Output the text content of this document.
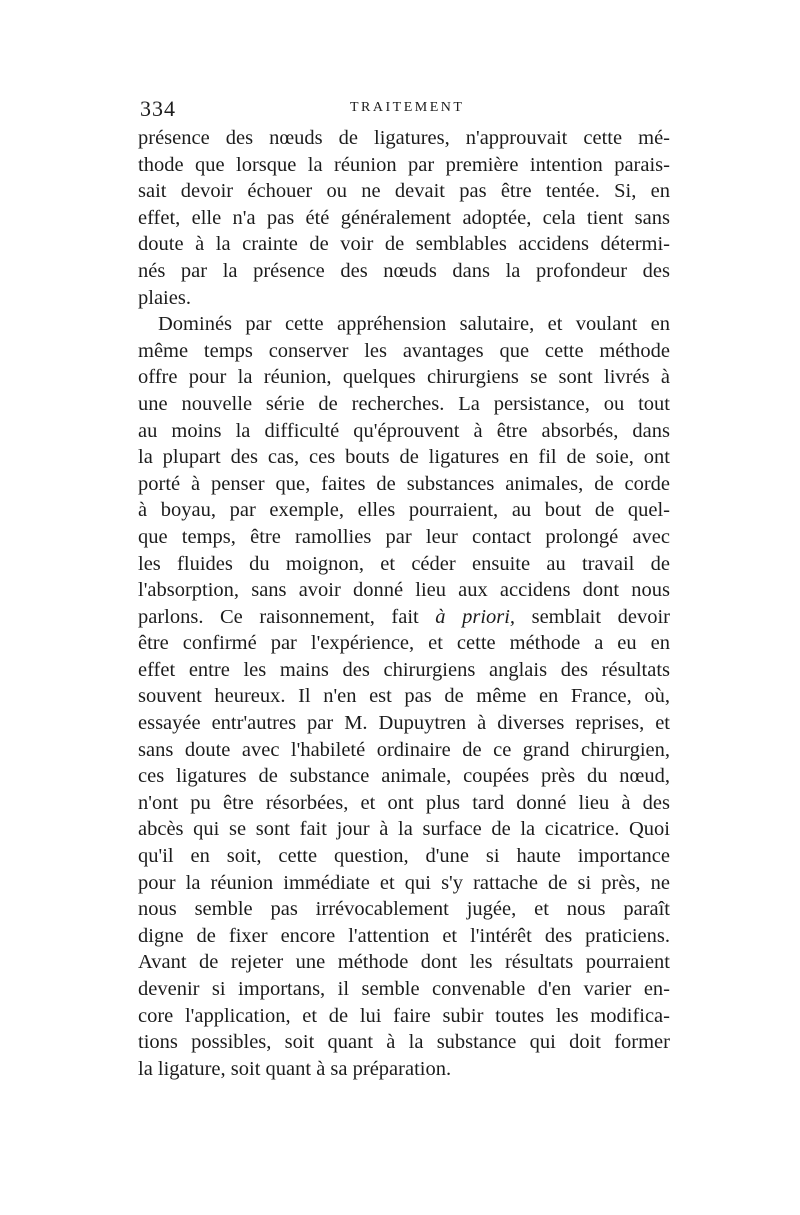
334	TRAITEMENT
présence des nœuds de ligatures, n'approuvait cette mé-
thode que lorsque la réunion par première intention parais-
sait devoir échouer ou ne devait pas être tentée. Si, en
effet, elle n'a pas été généralement adoptée, cela tient sans
doute à la crainte de voir de semblables accidens détermi-
nés par la présence des nœuds dans la profondeur des
plaies.
Dominés par cette appréhension salutaire, et voulant en
même temps conserver les avantages que cette méthode
offre pour la réunion, quelques chirurgiens se sont livrés à
une nouvelle série de recherches. La persistance, ou tout
au moins la difficulté qu'éprouvent à être absorbés, dans
la plupart des cas, ces bouts de ligatures en fil de soie, ont
porté à penser que, faites de substances animales, de corde
à boyau, par exemple, elles pourraient, au bout de quel-
que temps, être ramollies par leur contact prolongé avec
les fluides du moignon, et céder ensuite au travail de
l'absorption, sans avoir donné lieu aux accidens dont nous
parlons. Ce raisonnement, fait à priori, semblait devoir
être confirmé par l'expérience, et cette méthode a eu en
effet entre les mains des chirurgiens anglais des résultats
souvent heureux. Il n'en est pas de même en France, où,
essayée entr'autres par M. Dupuytren à diverses reprises, et
sans doute avec l'habileté ordinaire de ce grand chirurgien,
ces ligatures de substance animale, coupées près du nœud,
n'ont pu être résorbées, et ont plus tard donné lieu à des
abcès qui se sont fait jour à la surface de la cicatrice. Quoi
qu'il en soit, cette question, d'une si haute importance
pour la réunion immédiate et qui s'y rattache de si près, ne
nous semble pas irrévocablement jugée, et nous paraît
digne de fixer encore l'attention et l'intérêt des praticiens.
Avant de rejeter une méthode dont les résultats pourraient
devenir si importans, il semble convenable d'en varier en-
core l'application, et de lui faire subir toutes les modifica-
tions possibles, soit quant à la substance qui doit former
la ligature, soit quant à sa préparation.
